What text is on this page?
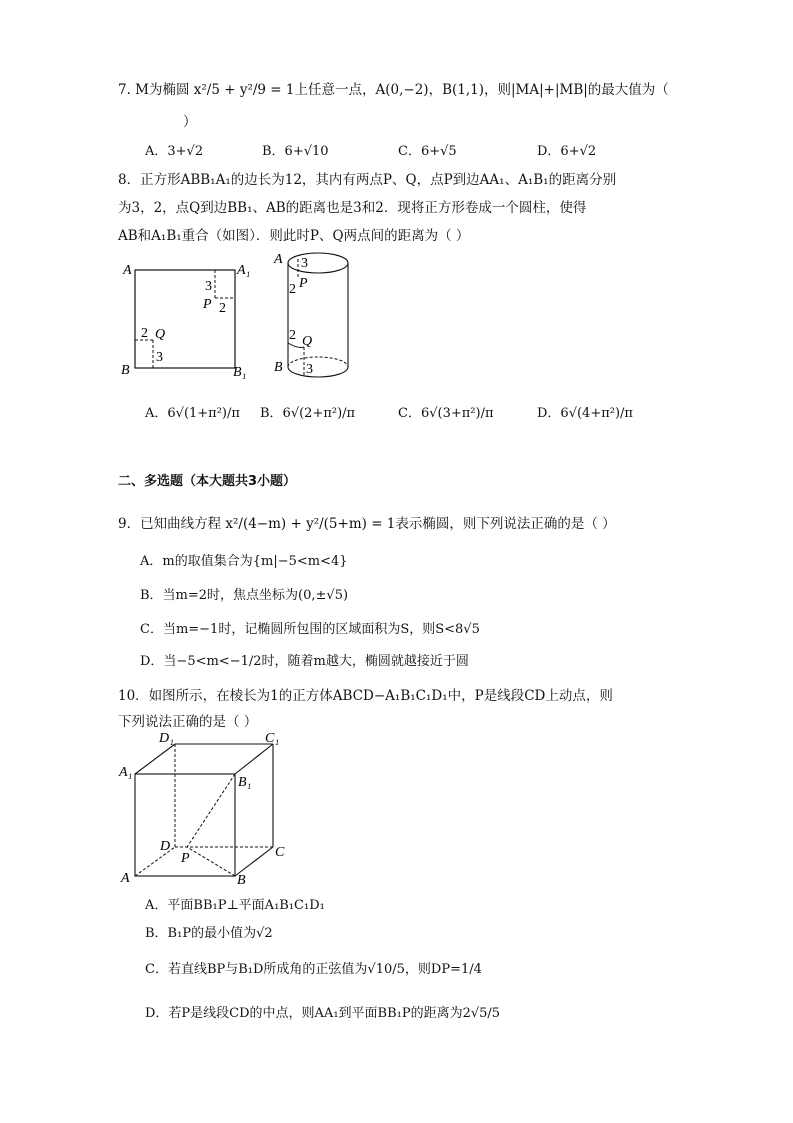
7. M为椭圆 x²/5 + y²/9 = 1上任意一点，A(0,−2)，B(1,1)，则|MA|+|MB|的最大值为（
）
A．3+√2	B．6+√10	C．6+√5	D．6+√2
8．正方形ABB₁A₁的边长为12，其内有两点P、Q，点P到边AA₁、A₁B₁的距离分别
为3，2，点Q到边BB₁、AB的距离也是3和2．现将正方形卷成一个圆柱，使得
AB和A₁B₁重合（如图）．则此时P、Q两点间的距离为（ ）
A	A₁
B	B₁
P
Q
3
2
2
3
A
B
P
Q
3
2
2
3
A．6√(1+π²)/π B．6√(2+π²)/π	C．6√(3+π²)/π	D．6√(4+π²)/π
二、多选题（本大题共3小题）
9．已知曲线方程 x²/(4−m) + y²/(5+m) = 1表示椭圆，则下列说法正确的是（ ）
A．m的取值集合为{m|−5<m<4}
B．当m=2时，焦点坐标为(0,±√5)
C．当m=−1时，记椭圆所包围的区域面积为S，则S<8√5
D．当−5<m<−1/2时，随着m越大，椭圆就越接近于圆
10．如图所示，在棱长为1的正方体ABCD−A₁B₁C₁D₁中，P是线段CD上动点，则
下列说法正确的是（ ）
D₁	C₁
A₁
B₁
D
P	C
A	B
A．平面BB₁P⊥平面A₁B₁C₁D₁
B．B₁P的最小值为√2
C．若直线BP与B₁D所成角的正弦值为√10/5，则DP=1/4
D．若P是线段CD的中点，则AA₁到平面BB₁P的距离为2√5/5
